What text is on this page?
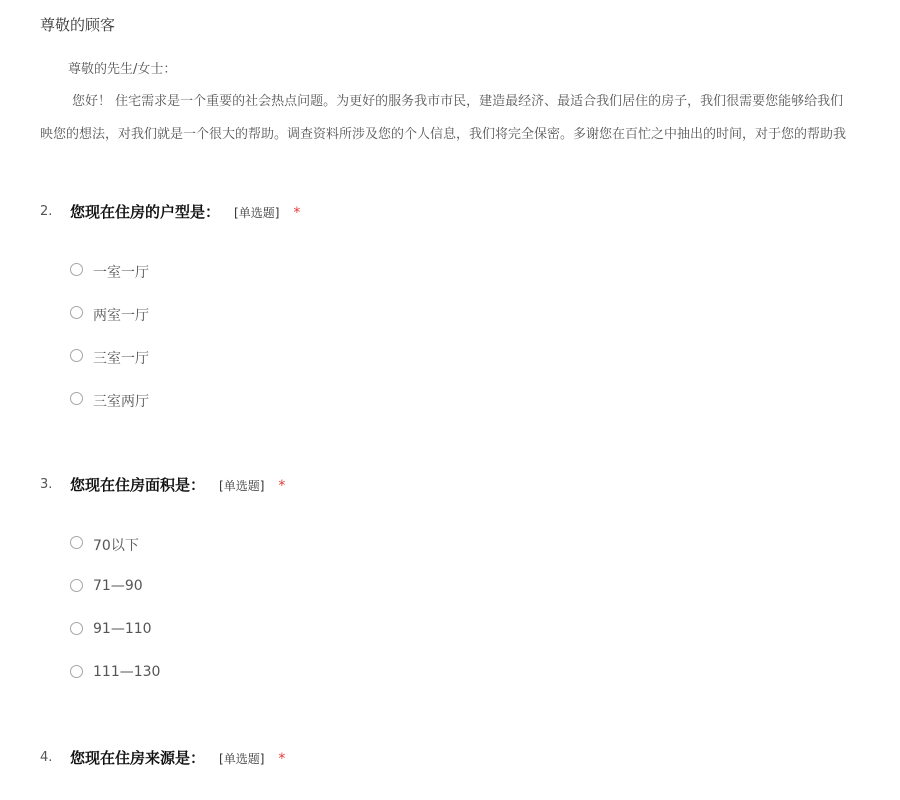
尊敬的顾客
尊敬的先生/女士：
您好！ 住宅需求是一个重要的社会热点问题。为更好的服务我市市民，建造最经济、最适合我们居住的房子，我们很需要您能够给我们
映您的想法，对我们就是一个很大的帮助。调查资料所涉及您的个人信息，我们将完全保密。多谢您在百忙之中抽出的时间，对于您的帮助我
2. 您现在住房的户型是： [单选题] *
一室一厅
两室一厅
三室一厅
三室两厅
3. 您现在住房面积是： [单选题] *
70以下
71—90
91—110
111—130
4. 您现在住房来源是： [单选题] *
